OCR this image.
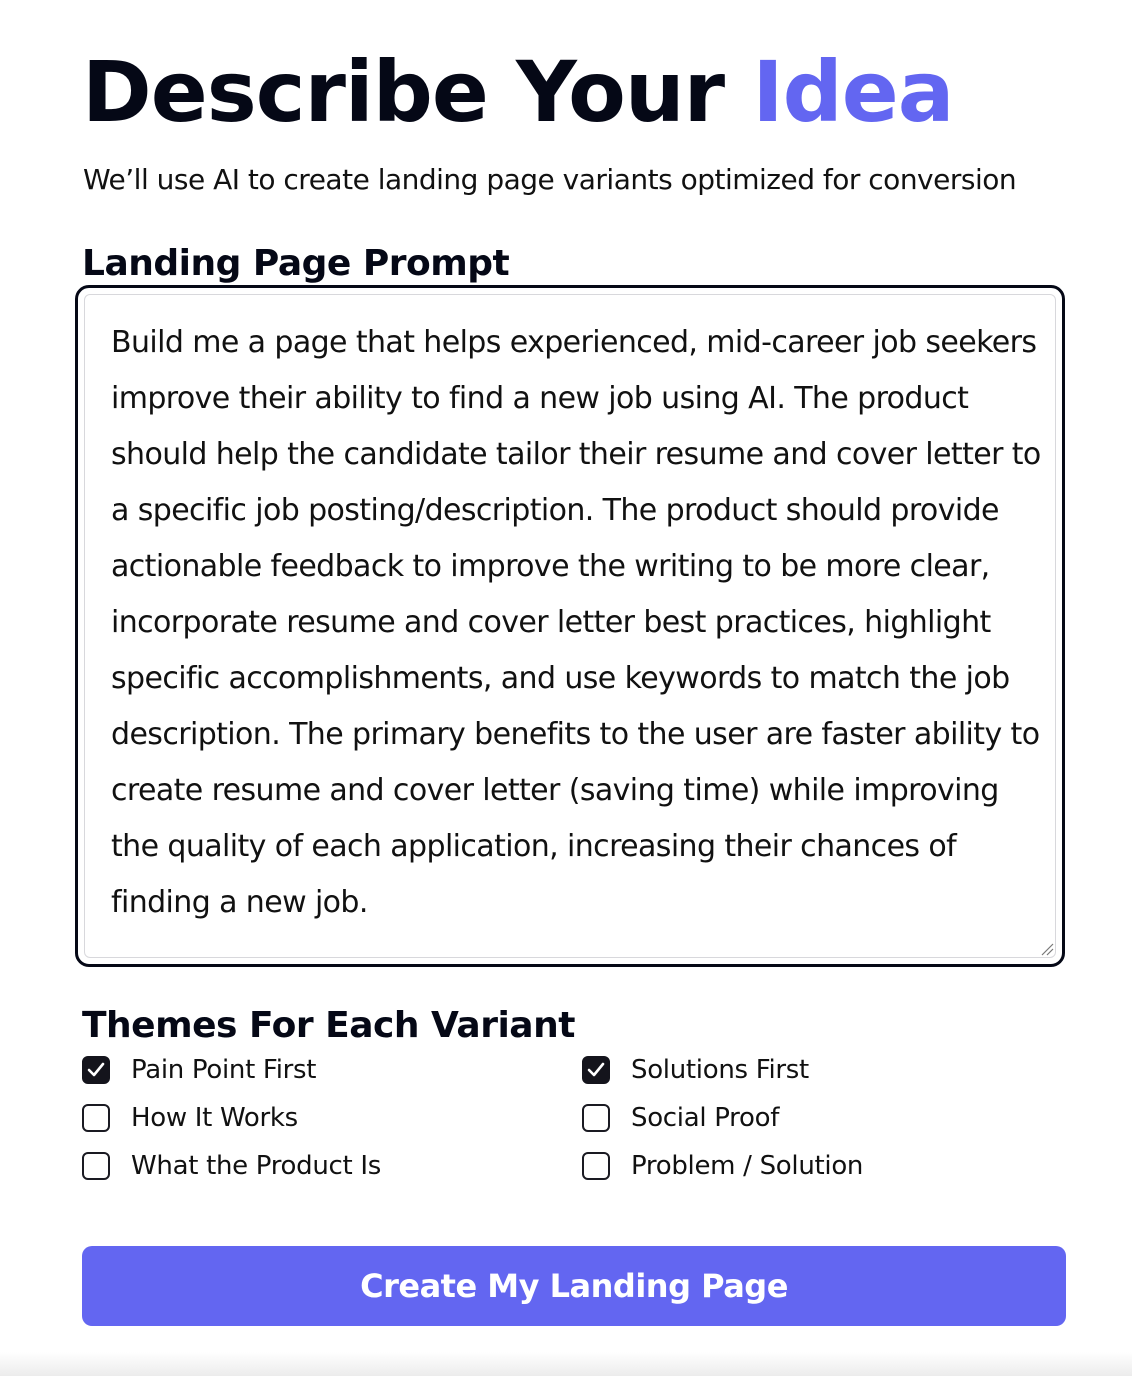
Describe Your Idea
We’ll use AI to create landing page variants optimized for conversion
Landing Page Prompt

Build me a page that helps experienced, mid-career job seekers improve their ability to find a new job using AI. The product should help the candidate tailor their resume and cover letter to a specific job posting/description. The product should provide actionable feedback to improve the writing to be more clear, incorporate resume and cover letter best practices, highlight specific accomplishments, and use keywords to match the job description. The primary benefits to the user are faster ability to create resume and cover letter (saving time) while improving the quality of each application, increasing their chances of finding a new job.

Themes For Each Variant
Pain Point First	Solutions First
How It Works	Social Proof
What the Product Is	Problem / Solution
Create My Landing Page
